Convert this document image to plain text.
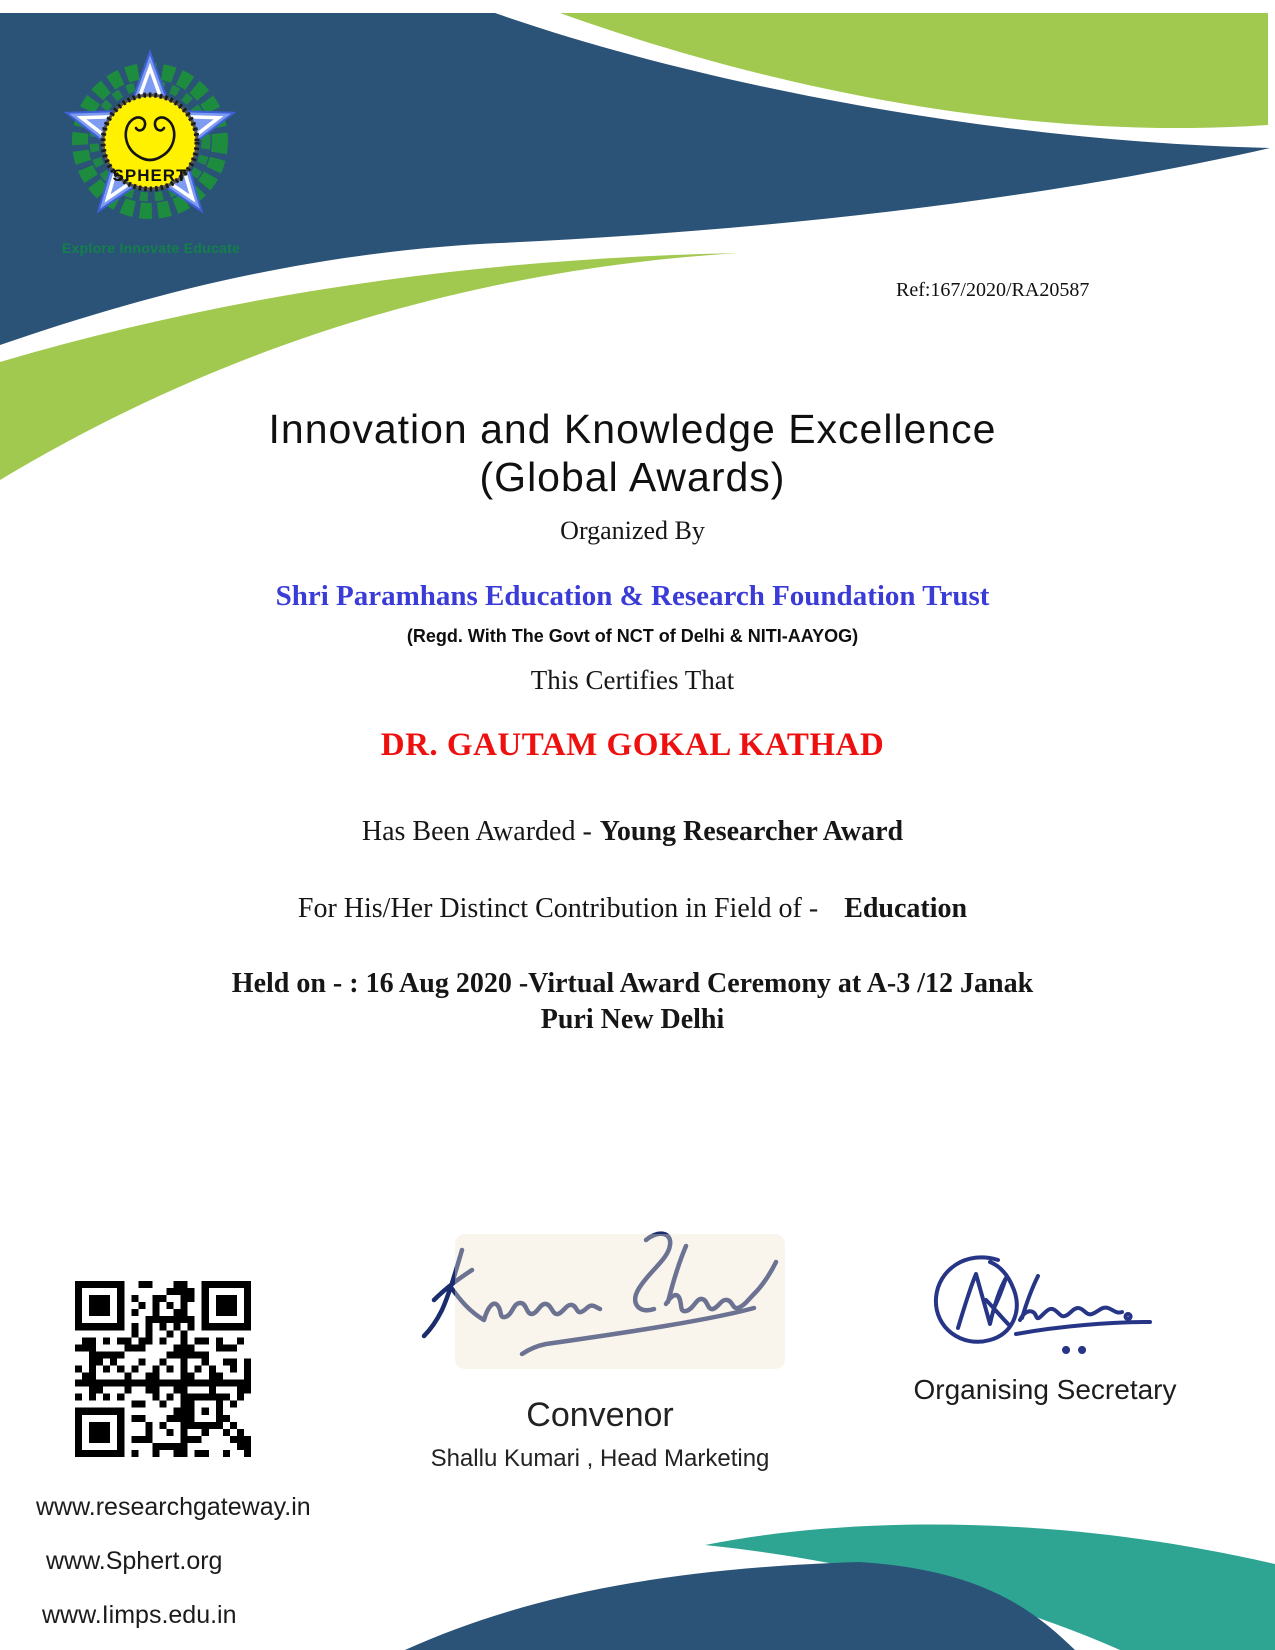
SPHERT
Explore Innovate Educate
Ref:167/2020/RA20587
Innovation and Knowledge Excellence
(Global Awards)
Organized By
Shri Paramhans Education & Research Foundation Trust
(Regd. With The Govt of NCT of Delhi & NITI-AAYOG)
This Certifies That
DR. GAUTAM GOKAL KATHAD
Has Been Awarded - Young Researcher Award
For His/Her Distinct Contribution in Field of - Education
Held on - : 16 Aug 2020 -Virtual Award Ceremony at A-3 /12 Janak
Puri New Delhi
Convenor
Shallu Kumari , Head Marketing
Organising Secretary
www.researchgateway.in
www.Sphert.org
www.Iimps.edu.in
